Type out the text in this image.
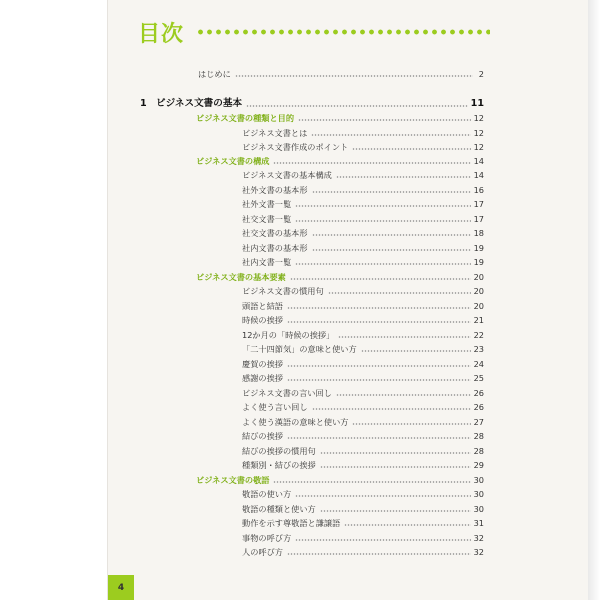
目次
はじめに	2
1 ビジネス文書の基本	11
ビジネス文書の種類と目的	12
ビジネス文書とは	12
ビジネス文書作成のポイント	12
ビジネス文書の構成	14
ビジネス文書の基本構成	14
社外文書の基本形	16
社外文書一覧	17
社交文書一覧	17
社交文書の基本形	18
社内文書の基本形	19
社内文書一覧	19
ビジネス文書の基本要素	20
ビジネス文書の慣用句	20
頭語と結語	20
時候の挨拶	21
12か月の「時候の挨拶」	22
「二十四節気」の意味と使い方	23
慶賀の挨拶	24
感謝の挨拶	25
ビジネス文書の言い回し	26
よく使う言い回し	26
よく使う漢語の意味と使い方	27
結びの挨拶	28
結びの挨拶の慣用句	28
種類別・結びの挨拶	29
ビジネス文書の敬語	30
敬語の使い方	30
敬語の種類と使い方	30
動作を示す尊敬語と謙譲語	31
事物の呼び方	32
人の呼び方	32
4
